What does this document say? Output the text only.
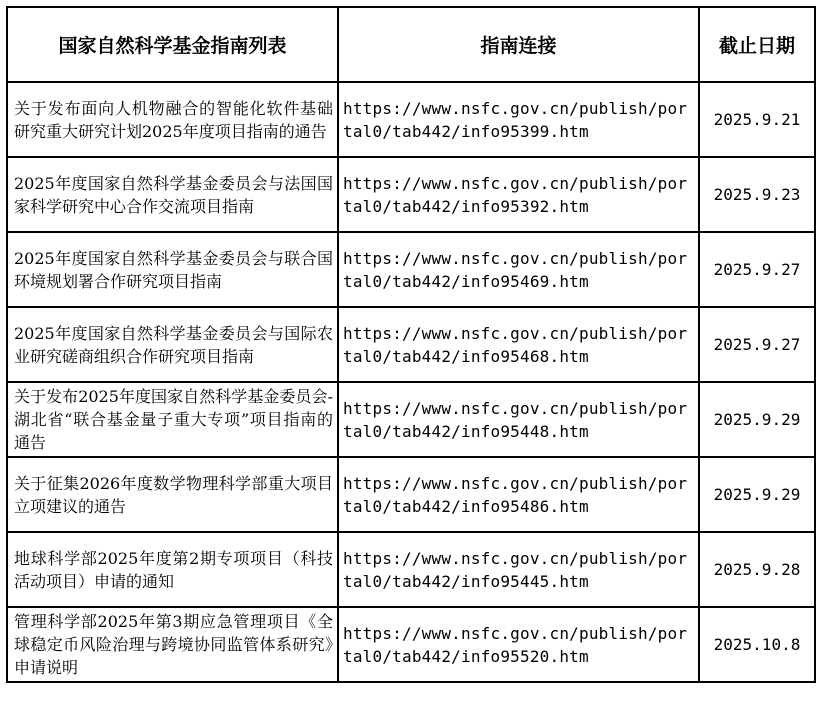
国家自然科学基金指南列表	指南连接	截止日期
关于发布面向人机物融合的智能化软件基础研究重大研究计划2025年度项目指南的通告	https://www.nsfc.gov.cn/publish/portal0/tab442/info95399.htm	2025.9.21
2025年度国家自然科学基金委员会与法国国家科学研究中心合作交流项目指南	https://www.nsfc.gov.cn/publish/portal0/tab442/info95392.htm	2025.9.23
2025年度国家自然科学基金委员会与联合国环境规划署合作研究项目指南	https://www.nsfc.gov.cn/publish/portal0/tab442/info95469.htm	2025.9.27
2025年度国家自然科学基金委员会与国际农业研究磋商组织合作研究项目指南	https://www.nsfc.gov.cn/publish/portal0/tab442/info95468.htm	2025.9.27
关于发布2025年度国家自然科学基金委员会-湖北省“联合基金量子重大专项”项目指南的通告	https://www.nsfc.gov.cn/publish/portal0/tab442/info95448.htm	2025.9.29
关于征集2026年度数学物理科学部重大项目立项建议的通告	https://www.nsfc.gov.cn/publish/portal0/tab442/info95486.htm	2025.9.29
地球科学部2025年度第2期专项项目（科技活动项目）申请的通知	https://www.nsfc.gov.cn/publish/portal0/tab442/info95445.htm	2025.9.28
管理科学部2025年第3期应急管理项目《全球稳定币风险治理与跨境协同监管体系研究》申请说明	https://www.nsfc.gov.cn/publish/portal0/tab442/info95520.htm	2025.10.8
